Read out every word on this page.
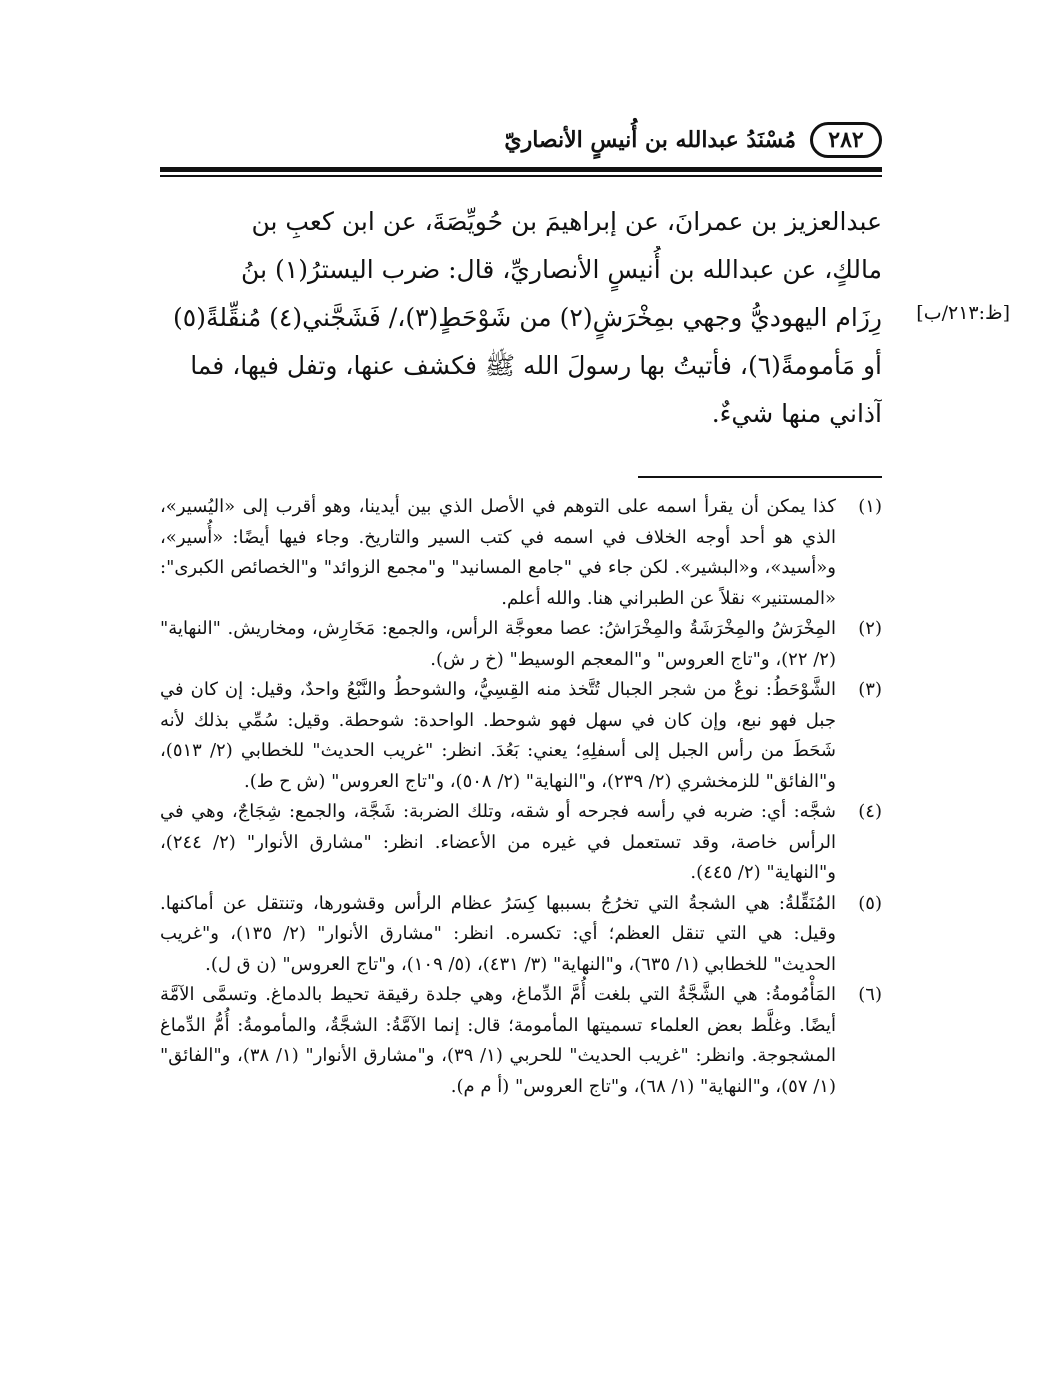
٢٨٢
مُسْنَدُ عبدالله بن أُنيسٍ الأنصاريّ
[ظ:٢١٣/ب]
عبدالعزيز بن عمرانَ، عن إبراهيمَ بن حُويِّصَةَ، عن ابن كعبِ بن
مالكٍ، عن عبدالله بن أُنيسٍ الأنصاريِّ، قال: ضرب اليسترُ(١) بنُ
رِزَام اليهوديُّ وجهي بمِخْرَشٍ(٢) من شَوْحَطٍ(٣)،/ فَشَجَّني(٤) مُنقِّلةً(٥)
أو مَأمومةً(٦)، فأتيتُ بها رسولَ الله ﷺ فكشف عنها، وتفل فيها، فما
آذاني منها شيءٌ.
(١)
كذا يمكن أن يقرأ اسمه على التوهم في الأصل الذي بين أيدينا، وهو أقرب إلى «اليُسير»، الذي هو أحد أوجه الخلاف في اسمه في كتب السير والتاريخ. وجاء فيها أيضًا: «أُسير»، و«أسيد»، و«البشير». لكن جاء في "جامع المسانيد" و"مجمع الزوائد" و"الخصائص الكبرى": «المستنير» نقلاً عن الطبراني هنا. والله أعلم.
(٢)
المِخْرَشُ والمِخْرَشَةُ والمِخْرَاشُ: عصا معوجَّة الرأس، والجمع: مَخَارِش، ومخاريش. "النهاية" (٢/ ٢٢)، و"تاج العروس" و"المعجم الوسيط" (خ ر ش).
(٣)
الشَّوْحَطُ: نوعٌ من شجر الجبال تُتَّخذ منه القِسِيُّ، والشوحطُ والنَّبْعُ واحدٌ، وقيل: إن كان في جبل فهو نبع، وإن كان في سهل فهو شوحط. الواحدة: شوحطة. وقيل: سُمِّي بذلك لأنه شَحَطَ من رأس الجبل إلى أسفلِهِ؛ يعني: بَعُدَ. انظر: "غريب الحديث" للخطابي (٢/ ٥١٣)، و"الفائق" للزمخشري (٢/ ٢٣٩)، و"النهاية" (٢/ ٥٠٨)، و"تاج العروس" (ش ح ط).
(٤)
شجَّه: أي: ضربه في رأسه فجرحه أو شقه، وتلك الضربة: شَجَّة، والجمع: شِجَاجٌ، وهي في الرأس خاصة، وقد تستعمل في غيره من الأعضاء. انظر: "مشارق الأنوار" (٢/ ٢٤٤)، و"النهاية" (٢/ ٤٤٥).
(٥)
المُنَقِّلةُ: هي الشجةُ التي تخرُجُ بسببها كِسَرُ عظام الرأس وقشورها، وتنتقل عن أماكنها. وقيل: هي التي تنقل العظم؛ أي: تكسره. انظر: "مشارق الأنوار" (٢/ ١٣٥)، و"غريب الحديث" للخطابي (١/ ٦٣٥)، و"النهاية" (٣/ ٤٣١)، (٥/ ١٠٩)، و"تاج العروس" (ن ق ل).
(٦)
المَأْمُومةُ: هي الشَّجَّةُ التي بلغت أُمَّ الدِّماغ، وهي جلدة رقيقة تحيط بالدماغ. وتسمَّى الآمَّة أيضًا. وغلَّط بعض العلماء تسميتها المأمومة؛ قال: إنما الآمَّةُ: الشجَّةُ، والمأمومةُ: أُمُّ الدِّماغ المشجوجة. وانظر: "غريب الحديث" للحربي (١/ ٣٩)، و"مشارق الأنوار" (١/ ٣٨)، و"الفائق" (١/ ٥٧)، و"النهاية" (١/ ٦٨)، و"تاج العروس" (أ م م).
